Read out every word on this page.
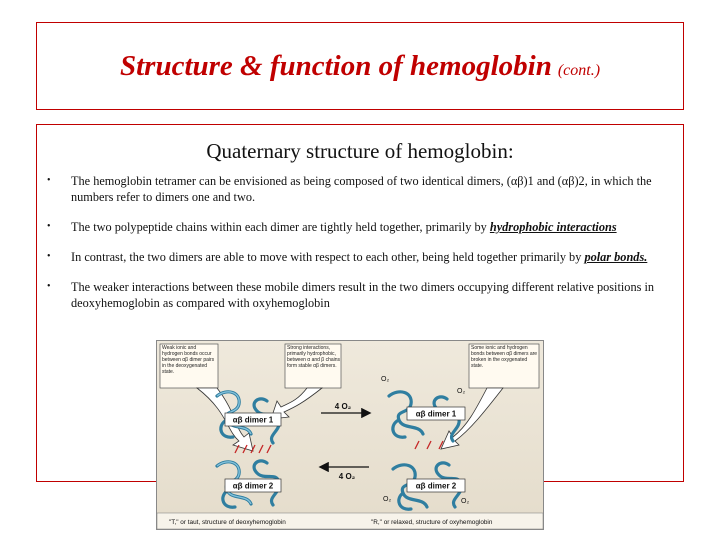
Structure & function of hemoglobin (cont.)
Quaternary structure of hemoglobin:
• The hemoglobin tetramer can be envisioned as being composed of two identical dimers, (αβ)1 and (αβ)2, in which the numbers refer to dimers one and two.
• The two polypeptide chains within each dimer are tightly held together, primarily by hydrophobic interactions
• In contrast, the two dimers are able to move with respect to each other, being held together primarily by polar bonds.
• The weaker interactions between these mobile dimers result in the two dimers occupying different relative positions in deoxyhemoglobin as compared with oxyhemoglobin
Weak ionic and hydrogen bonds occur between αβ dimer pairs in the deoxygenated state.
Strong interactions, primarily hydrophobic, between α and β chains form stable αβ dimers.
Some ionic and hydrogen bonds between αβ dimers are broken in the oxygenated state.
αβ dimer 1
αβ dimer 2
4 O₂
4 O₂
αβ dimer 1
αβ dimer 2
O₂
O₂
O₂	O₂
"T," or taut, structure of deoxyhemoglobin	"R," or relaxed, structure of oxyhemoglobin
